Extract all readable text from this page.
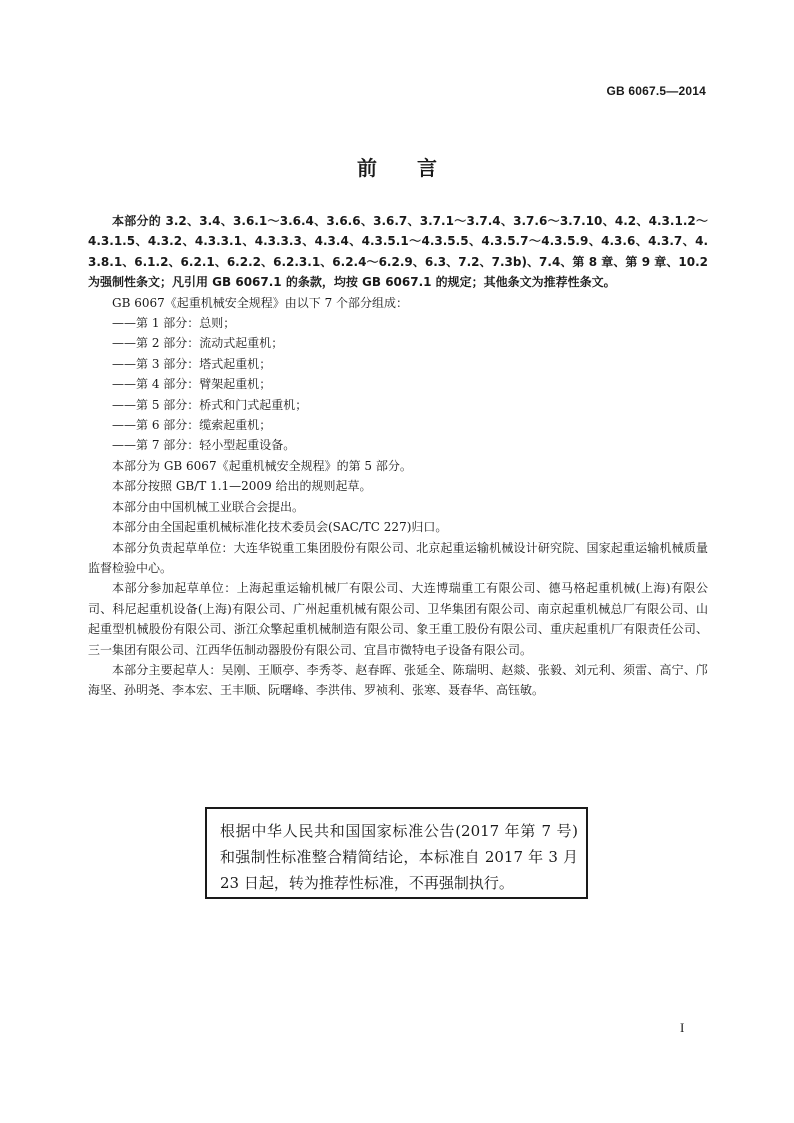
GB 6067.5—2014
前言

本部分的 3.2、3.4、3.6.1～3.6.4、3.6.6、3.6.7、3.7.1～3.7.4、3.7.6～3.7.10、4.2、4.3.1.2～4.3.1.5、4.3.2、4.3.3.1、4.3.3.3、4.3.4、4.3.5.1～4.3.5.5、4.3.5.7～4.3.5.9、4.3.6、4.3.7、4.3.8.1、6.1.2、6.2.1、6.2.2、6.2.3.1、6.2.4～6.2.9、6.3、7.2、7.3b)、7.4、第 8 章、第 9 章、10.2 为强制性条文；凡引用 GB 6067.1 的条款，均按 GB 6067.1 的规定；其他条文为推荐性条文。

GB 6067《起重机械安全规程》由以下 7 个部分组成：

——第 1 部分：总则；

——第 2 部分：流动式起重机；

——第 3 部分：塔式起重机；

——第 4 部分：臂架起重机；

——第 5 部分：桥式和门式起重机；

——第 6 部分：缆索起重机；

——第 7 部分：轻小型起重设备。

本部分为 GB 6067《起重机械安全规程》的第 5 部分。

本部分按照 GB/T 1.1—2009 给出的规则起草。

本部分由中国机械工业联合会提出。

本部分由全国起重机械标准化技术委员会(SAC/TC 227)归口。

本部分负责起草单位：大连华锐重工集团股份有限公司、北京起重运输机械设计研究院、国家起重运输机械质量监督检验中心。

本部分参加起草单位：上海起重运输机械厂有限公司、大连博瑞重工有限公司、德马格起重机械(上海)有限公司、科尼起重机设备(上海)有限公司、广州起重机械有限公司、卫华集团有限公司、南京起重机械总厂有限公司、山起重型机械股份有限公司、浙江众擎起重机械制造有限公司、象王重工股份有限公司、重庆起重机厂有限责任公司、三一集团有限公司、江西华伍制动器股份有限公司、宜昌市微特电子设备有限公司。

本部分主要起草人：吴刚、王顺亭、李秀苓、赵春晖、张延全、陈瑞明、赵燚、张毅、刘元利、须雷、高宁、邝海坚、孙明尧、李本宏、王丰顺、阮曙峰、李洪伟、罗祯利、张寒、聂春华、高钰敏。

根据中华人民共和国国家标准公告(2017 年第 7 号)和强制性标准整合精简结论，本标准自 2017 年 3 月 23 日起，转为推荐性标准，不再强制执行。
I
